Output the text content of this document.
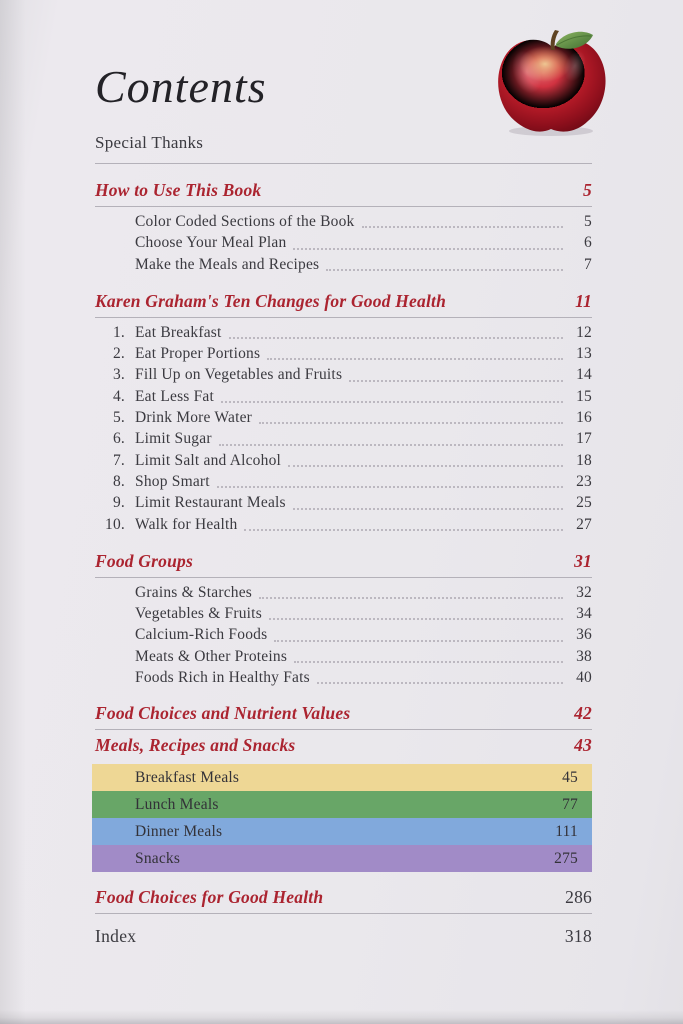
Contents
Special Thanks
How to Use This Book	5
Color Coded Sections of the Book	5
Choose Your Meal Plan	6
Make the Meals and Recipes	7
Karen Graham's Ten Changes for Good Health	11
1. Eat Breakfast	12
2. Eat Proper Portions	13
3. Fill Up on Vegetables and Fruits	14
4. Eat Less Fat	15
5. Drink More Water	16
6. Limit Sugar	17
7. Limit Salt and Alcohol	18
8. Shop Smart	23
9. Limit Restaurant Meals	25
10. Walk for Health	27
Food Groups	31
Grains & Starches	32
Vegetables & Fruits	34
Calcium-Rich Foods	36
Meats & Other Proteins	38
Foods Rich in Healthy Fats	40
Food Choices and Nutrient Values	42
Meals, Recipes and Snacks	43
Breakfast Meals	45
Lunch Meals	77
Dinner Meals	111
Snacks	275
Food Choices for Good Health	286
Index	318
